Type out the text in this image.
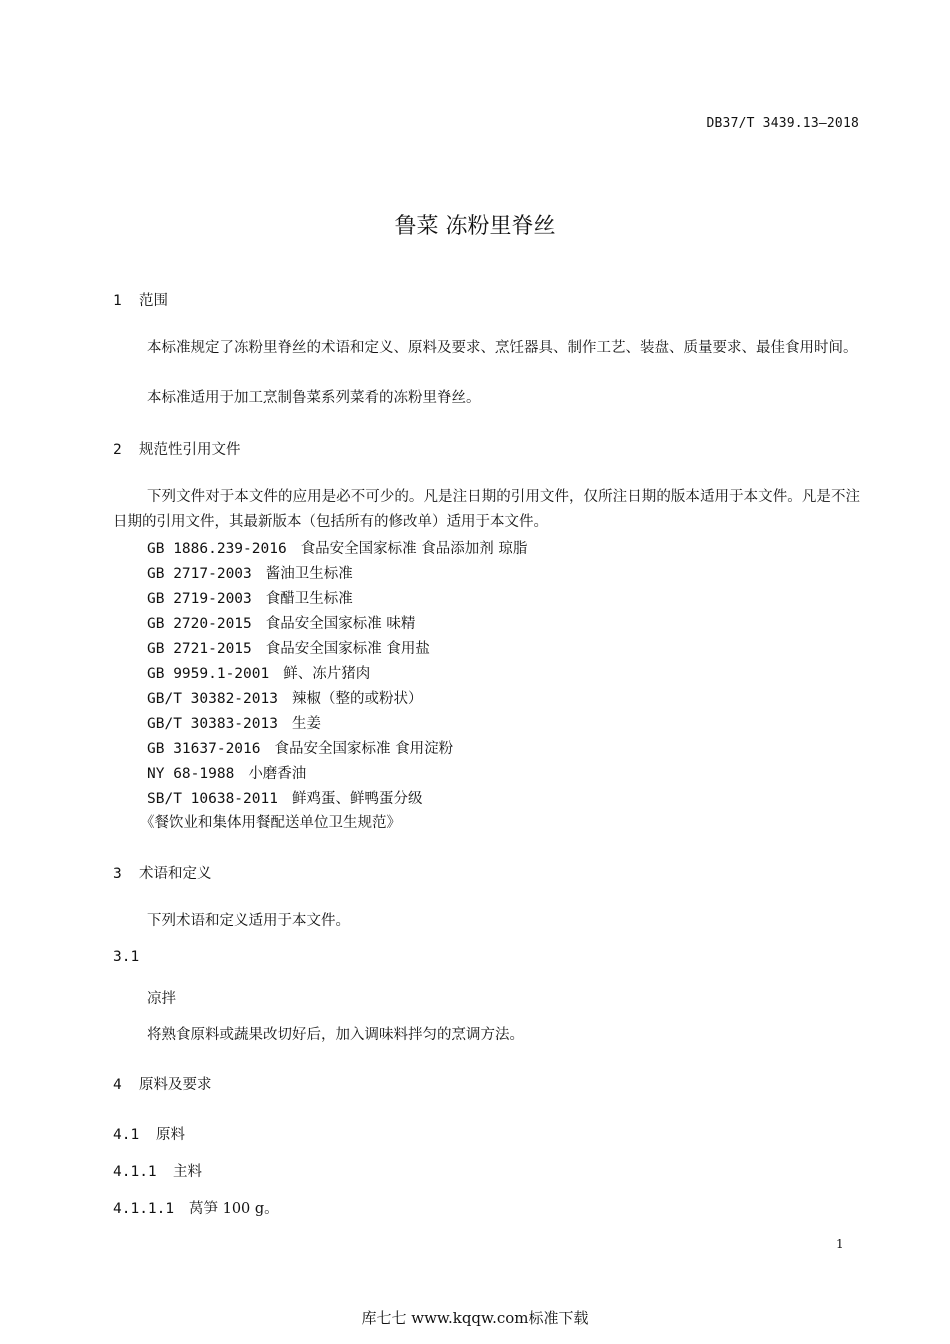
DB37/T 3439.13—2018
鲁菜 冻粉里脊丝
1 范围
本标准规定了冻粉里脊丝的术语和定义、原料及要求、烹饪器具、制作工艺、装盘、质量要求、最佳食用时间。
本标准适用于加工烹制鲁菜系列菜肴的冻粉里脊丝。
2 规范性引用文件
下列文件对于本文件的应用是必不可少的。凡是注日期的引用文件，仅所注日期的版本适用于本文件。凡是不注日期的引用文件，其最新版本（包括所有的修改单）适用于本文件。
GB 1886.239-2016 食品安全国家标准 食品添加剂 琼脂
GB 2717-2003 酱油卫生标准
GB 2719-2003 食醋卫生标准
GB 2720-2015 食品安全国家标准 味精
GB 2721-2015 食品安全国家标准 食用盐
GB 9959.1-2001 鲜、冻片猪肉
GB/T 30382-2013 辣椒（整的或粉状）
GB/T 30383-2013 生姜
GB 31637-2016 食品安全国家标准 食用淀粉
NY 68-1988 小磨香油
SB/T 10638-2011 鲜鸡蛋、鲜鸭蛋分级
《餐饮业和集体用餐配送单位卫生规范》
3 术语和定义
下列术语和定义适用于本文件。
3.1
凉拌
将熟食原料或蔬果改切好后，加入调味料拌匀的烹调方法。
4 原料及要求
4.1 原料
4.1.1 主料
4.1.1.1 莴笋 100 g。
1
库七七 www.kqqw.com标准下载
